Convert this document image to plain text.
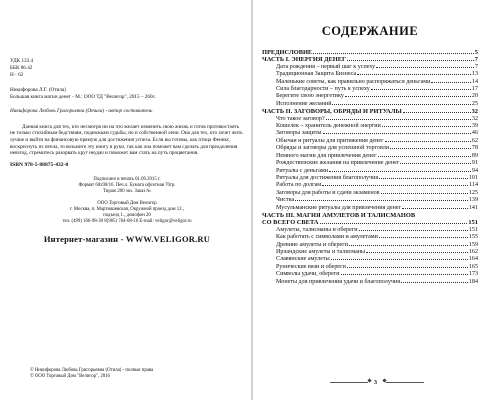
УДК 133.4

ББК 86.42

Н - 62

Никифорова Л.Г. (Отила)

Большая книга магии денег - М.: ООО ТД "Велигор", 2015 – 260с.

Никифорова Любовь Григорьевна (Отила) - автор составитель

Данная книга для тех, кто несмотря ни на что желает изменить свою жизнь и готов противостоять не только стихийным бедствиям, подножкам судьбы, но и собственной лени. Она для тех, кто хочет жить лучше и выйти на финансовую прямую для достижения успеха. Если вы готовы, как птица Феникс, воскреснуть из пепла, то возьмите эту книгу в руки, так как она поможет вам сделать для преодоления невзгод, стремитесь разорвать круг неудач и поможет вам стать на путь процветания.

ISBN 978-5-88875-432-0

Подписано в печать 01.09.2015 г.
Формат 60х90/16. Печ.л. Бумага офсетная 70гр.
Тираж 200 экз. Заказ №
ООО Торговый Дом Велигор
г. Москва, п. Мартюшевская, Окружной проезд дом 12.,
подъезд 1., домофон 20
тел. (499) 166-98-30 8(985) 784-08-16 E-mail: veligor@veligor.ru
Интернет-магазин - WWW.VELIGOR.RU
© Никифорова Любовь Григорьевна (Отила) - полные права
© ООО Торговый Дом "Велигор", 2016
СОДЕРЖАНИЕ
ПРЕДИСЛОВИЕ	5
ЧАСТЬ I. ЭНЕРГИЯ ДЕНЕГ	7
Дата рождения – первый шаг к успеху	7
Традиционная Защита Бизнеса	13
Маленькие советы, как правильно распоряжаться деньгами	14
Сила благодарности – путь к успеху	17
Берегите свою энергетику	20
Исполнение желаний	25
ЧАСТЬ II. ЗАГОВОРЫ, ОБРЯДЫ И РИТУАЛЫ	32
Что такое заговор?	32
Кошелек – хранитель денежной энергии	39
Заговоры защиты	46
Обычаи и ритуалы для притяжения денег	62
Обряды и заговоры для успешной торговли	78
Немного магии для привлечения денег	89
Рождественские желания на привлечение денег	91
Ритуалы с деньгами	94
Ритуалы для достижения благополучия	101
Работа по долгам	114
Заговоры для работы и сдачи экзаменов	125
Чистка	139
Мусульманские ритуалы для привлечения денег	141
ЧАСТЬ III. МАГИЯ АМУЛЕТОВ И ТАЛИСМАНОВ
СО ВСЕГО СВЕТА	151
Амулеты, талисманы и обереги	151
Как работать с символами и амулетами	155
Древние амулеты и обереги	159
Ирландские амулеты и талисманы	162
Славянские амулеты	164
Рунические вязи и обереги	165
Символы удачи, обереги	173
Монеты для привлечения удачи и благополучия	184
3
